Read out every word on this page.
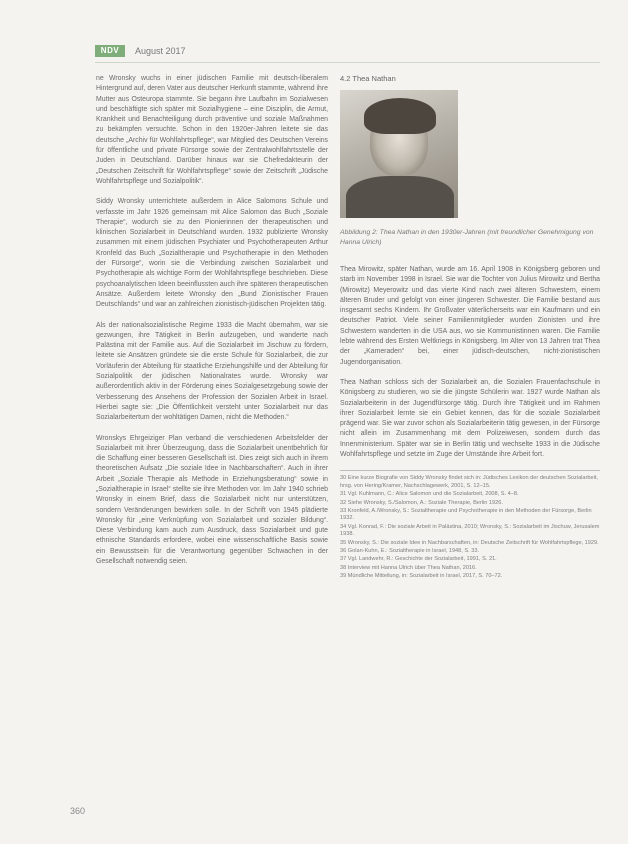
NDV	August 2017

ne Wronsky wuchs in einer jüdischen Familie mit deutsch-liberalem Hintergrund auf, deren Vater aus deutscher Herkunft stammte, während ihre Mutter aus Osteuropa stammte. Sie begann ihre Laufbahn im Sozialwesen und beschäftigte sich später mit Sozialhygiene – eine Disziplin, die Armut, Krankheit und Benachteiligung durch präventive und soziale Maßnahmen zu bekämpfen versuchte. Schon in den 1920er-Jahren leitete sie das deutsche „Archiv für Wohlfahrtspflege“, war Mitglied des Deutschen Vereins für öffentliche und private Fürsorge sowie der Zentralwohlfahrtsstelle der Juden in Deutschland. Darüber hinaus war sie Chefredakteurin der „Deutschen Zeitschrift für Wohlfahrtspflege“ sowie der Zeitschrift „Jüdische Wohlfahrtspflege und Sozialpolitik“.

Siddy Wronsky unterrichtete außerdem in Alice Salomons Schule und verfasste im Jahr 1926 gemeinsam mit Alice Salomon das Buch „Soziale Therapie“, wodurch sie zu den Pionierinnen der therapeutischen und klinischen Sozialarbeit in Deutschland wurden. 1932 publizierte Wronsky zusammen mit einem jüdischen Psychiater und Psychotherapeuten Arthur Kronfeld das Buch „Sozialtherapie und Psychotherapie in den Methoden der Fürsorge“, worin sie die Verbindung zwischen Sozialarbeit und Psychotherapie als wichtige Form der Wohlfahrtspflege beschrieben. Diese psychoanalytischen Ideen beeinflussten auch ihre späteren therapeutischen Ansätze. Außerdem leitete Wronsky den „Bund Zionistischer Frauen Deutschlands“ und war an zahlreichen zionistisch-jüdischen Projekten tätig.

Als der nationalsozialistische Regime 1933 die Macht übernahm, war sie gezwungen, ihre Tätigkeit in Berlin aufzugeben, und wanderte nach Palästina mit der Familie aus. Auf die Sozialarbeit im Jischuw zu fördern, leitete sie Ansätzen gründete sie die erste Schule für Sozialarbeit, die zur Vorläuferin der Abteilung für staatliche Erziehungshilfe und der Abteilung für Sozialpolitik der jüdischen Nationalrates wurde. Wronsky war außerordentlich aktiv in der Förderung eines Sozialgesetzgebung sowie der Verbesserung des Ansehens der Profession der Sozialen Arbeit in Israel. Hierbei sagte sie: „Die Öffentlichkeit versteht unter Sozialarbeit nur das Sozialarbeitertum der wohltätigen Damen, nicht die Methoden.“

Wronskys Ehrgeiziger Plan verband die verschiedenen Arbeitsfelder der Sozialarbeit mit ihrer Überzeugung, dass die Sozialarbeit unentbehrlich für die Schaffung einer besseren Gesellschaft ist. Dies zeigt sich auch in ihrem theoretischen Aufsatz „Die soziale Idee in Nachbarschaften“. Auch in ihrer Arbeit „Soziale Therapie als Methode in Erziehungsberatung“ sowie in „Sozialtherapie in Israel“ stellte sie ihre Methoden vor. Im Jahr 1940 schrieb Wronsky in einem Brief, dass die Sozialarbeit nicht nur unterstützen, sondern Veränderungen bewirken solle. In der Schrift von 1945 plädierte Wronsky für „eine Verknüpfung von Sozialarbeit und sozialer Bildung“. Diese Verbindung kam auch zum Ausdruck, dass Sozialarbeit und gute ethnische Standards erfordere, wobei eine wissenschaftliche Basis sowie ein Bewusstsein für die Verantwortung gegenüber Schwachen in der Gesellschaft notwendig seien.

4.2 Thea Nathan
Abbildung 2: Thea Nathan in den 1930er-Jahren (mit freundlicher Genehmigung von Hanna Ulrich)

Thea Mirowitz, später Nathan, wurde am 16. April 1908 in Königsberg geboren und starb im November 1998 in Israel. Sie war die Tochter von Julius Mirowitz und Bertha (Mirowitz) Meyerowitz und das vierte Kind nach zwei älteren Schwestern, einem älteren Bruder und gefolgt von einer jüngeren Schwester. Die Familie bestand aus insgesamt sechs Kindern. Ihr Großvater väterlicherseits war ein Kaufmann und ein deutscher Patriot. Viele seiner Familienmitglieder wurden Zionisten und ihre Schwestern wanderten in die USA aus, wo sie Kommunistinnen waren. Die Familie lebte während des Ersten Weltkriegs in Königsberg. Im Alter von 13 Jahren trat Thea der „Kameraden“ bei, einer jüdisch-deutschen, nicht-zionistischen Jugendorganisation.

Thea Nathan schloss sich der Sozialarbeit an, die Sozialen Frauenfachschule in Königsberg zu studieren, wo sie die jüngste Schülerin war. 1927 wurde Nathan als Sozialarbeiterin in der Jugendfürsorge tätig. Durch ihre Tätigkeit und im Rahmen ihrer Sozialarbeit lernte sie ein Gebiet kennen, das für die soziale Sozialarbeit prägend war. Sie war zuvor schon als Sozialarbeiterin tätig gewesen, in der Fürsorge nicht allein im Zusammenhang mit dem Polizeiwesen, sondern durch das Innenministerium. Später war sie in Berlin tätig und wechselte 1933 in die Jüdische Wohlfahrtspflege und setzte im Zuge der Umstände ihre Arbeit fort.

30 Eine kurze Biografie von Siddy Wronsky findet sich in: Jüdisches Lexikon der deutschen Sozialarbeit, hrsg. von Hering/Kramer, Nachschlagewerk, 2001, S. 12–15.
31 Vgl. Kuhlmann, C.: Alice Salomon und die Sozialarbeit, 2008, S. 4–8.
32 Siehe Wronsky, S./Salomon, A.: Soziale Therapie, Berlin 1926.
33 Kronfeld, A./Wronsky, S.: Sozialtherapie und Psychotherapie in den Methoden der Fürsorge, Berlin 1932.
34 Vgl. Konrad, F.: Die soziale Arbeit in Palästina, 2010; Wronsky, S.: Sozialarbeit im Jischuw, Jerusalem 1938.
35 Wronsky, S.: Die soziale Idee in Nachbarschaften, in: Deutsche Zeitschrift für Wohlfahrtspflege, 1929.
36 Golan-Kuhn, E.: Sozialtherapie in Israel, 1948, S. 33.
37 Vgl. Landwehr, R.: Geschichte der Sozialarbeit, 1991, S. 21.
38 Interview mit Hanna Ulrich über Thea Nathan, 2016.
39 Mündliche Mitteilung, in: Sozialarbeit in Israel, 2017, S. 70–72.
360
